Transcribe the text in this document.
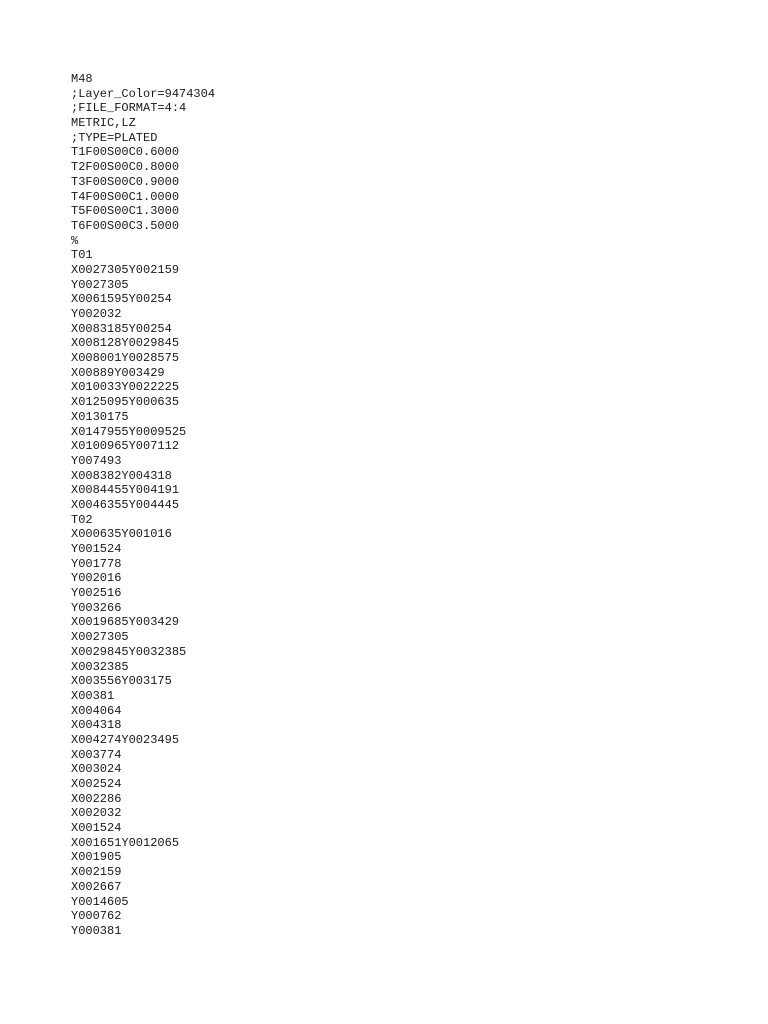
M48
;Layer_Color=9474304
;FILE_FORMAT=4:4
METRIC,LZ
;TYPE=PLATED
T1F00S00C0.6000
T2F00S00C0.8000
T3F00S00C0.9000
T4F00S00C1.0000
T5F00S00C1.3000
T6F00S00C3.5000
%
T01
X0027305Y002159
Y0027305
X0061595Y00254
Y002032
X0083185Y00254
X008128Y0029845
X008001Y0028575
X00889Y003429
X010033Y0022225
X0125095Y000635
X0130175
X0147955Y0009525
X0100965Y007112
Y007493
X008382Y004318
X0084455Y004191
X0046355Y004445
T02
X000635Y001016
Y001524
Y001778
Y002016
Y002516
Y003266
X0019685Y003429
X0027305
X0029845Y0032385
X0032385
X003556Y003175
X00381
X004064
X004318
X004274Y0023495
X003774
X003024
X002524
X002286
X002032
X001524
X001651Y0012065
X001905
X002159
X002667
Y0014605
Y000762
Y000381
